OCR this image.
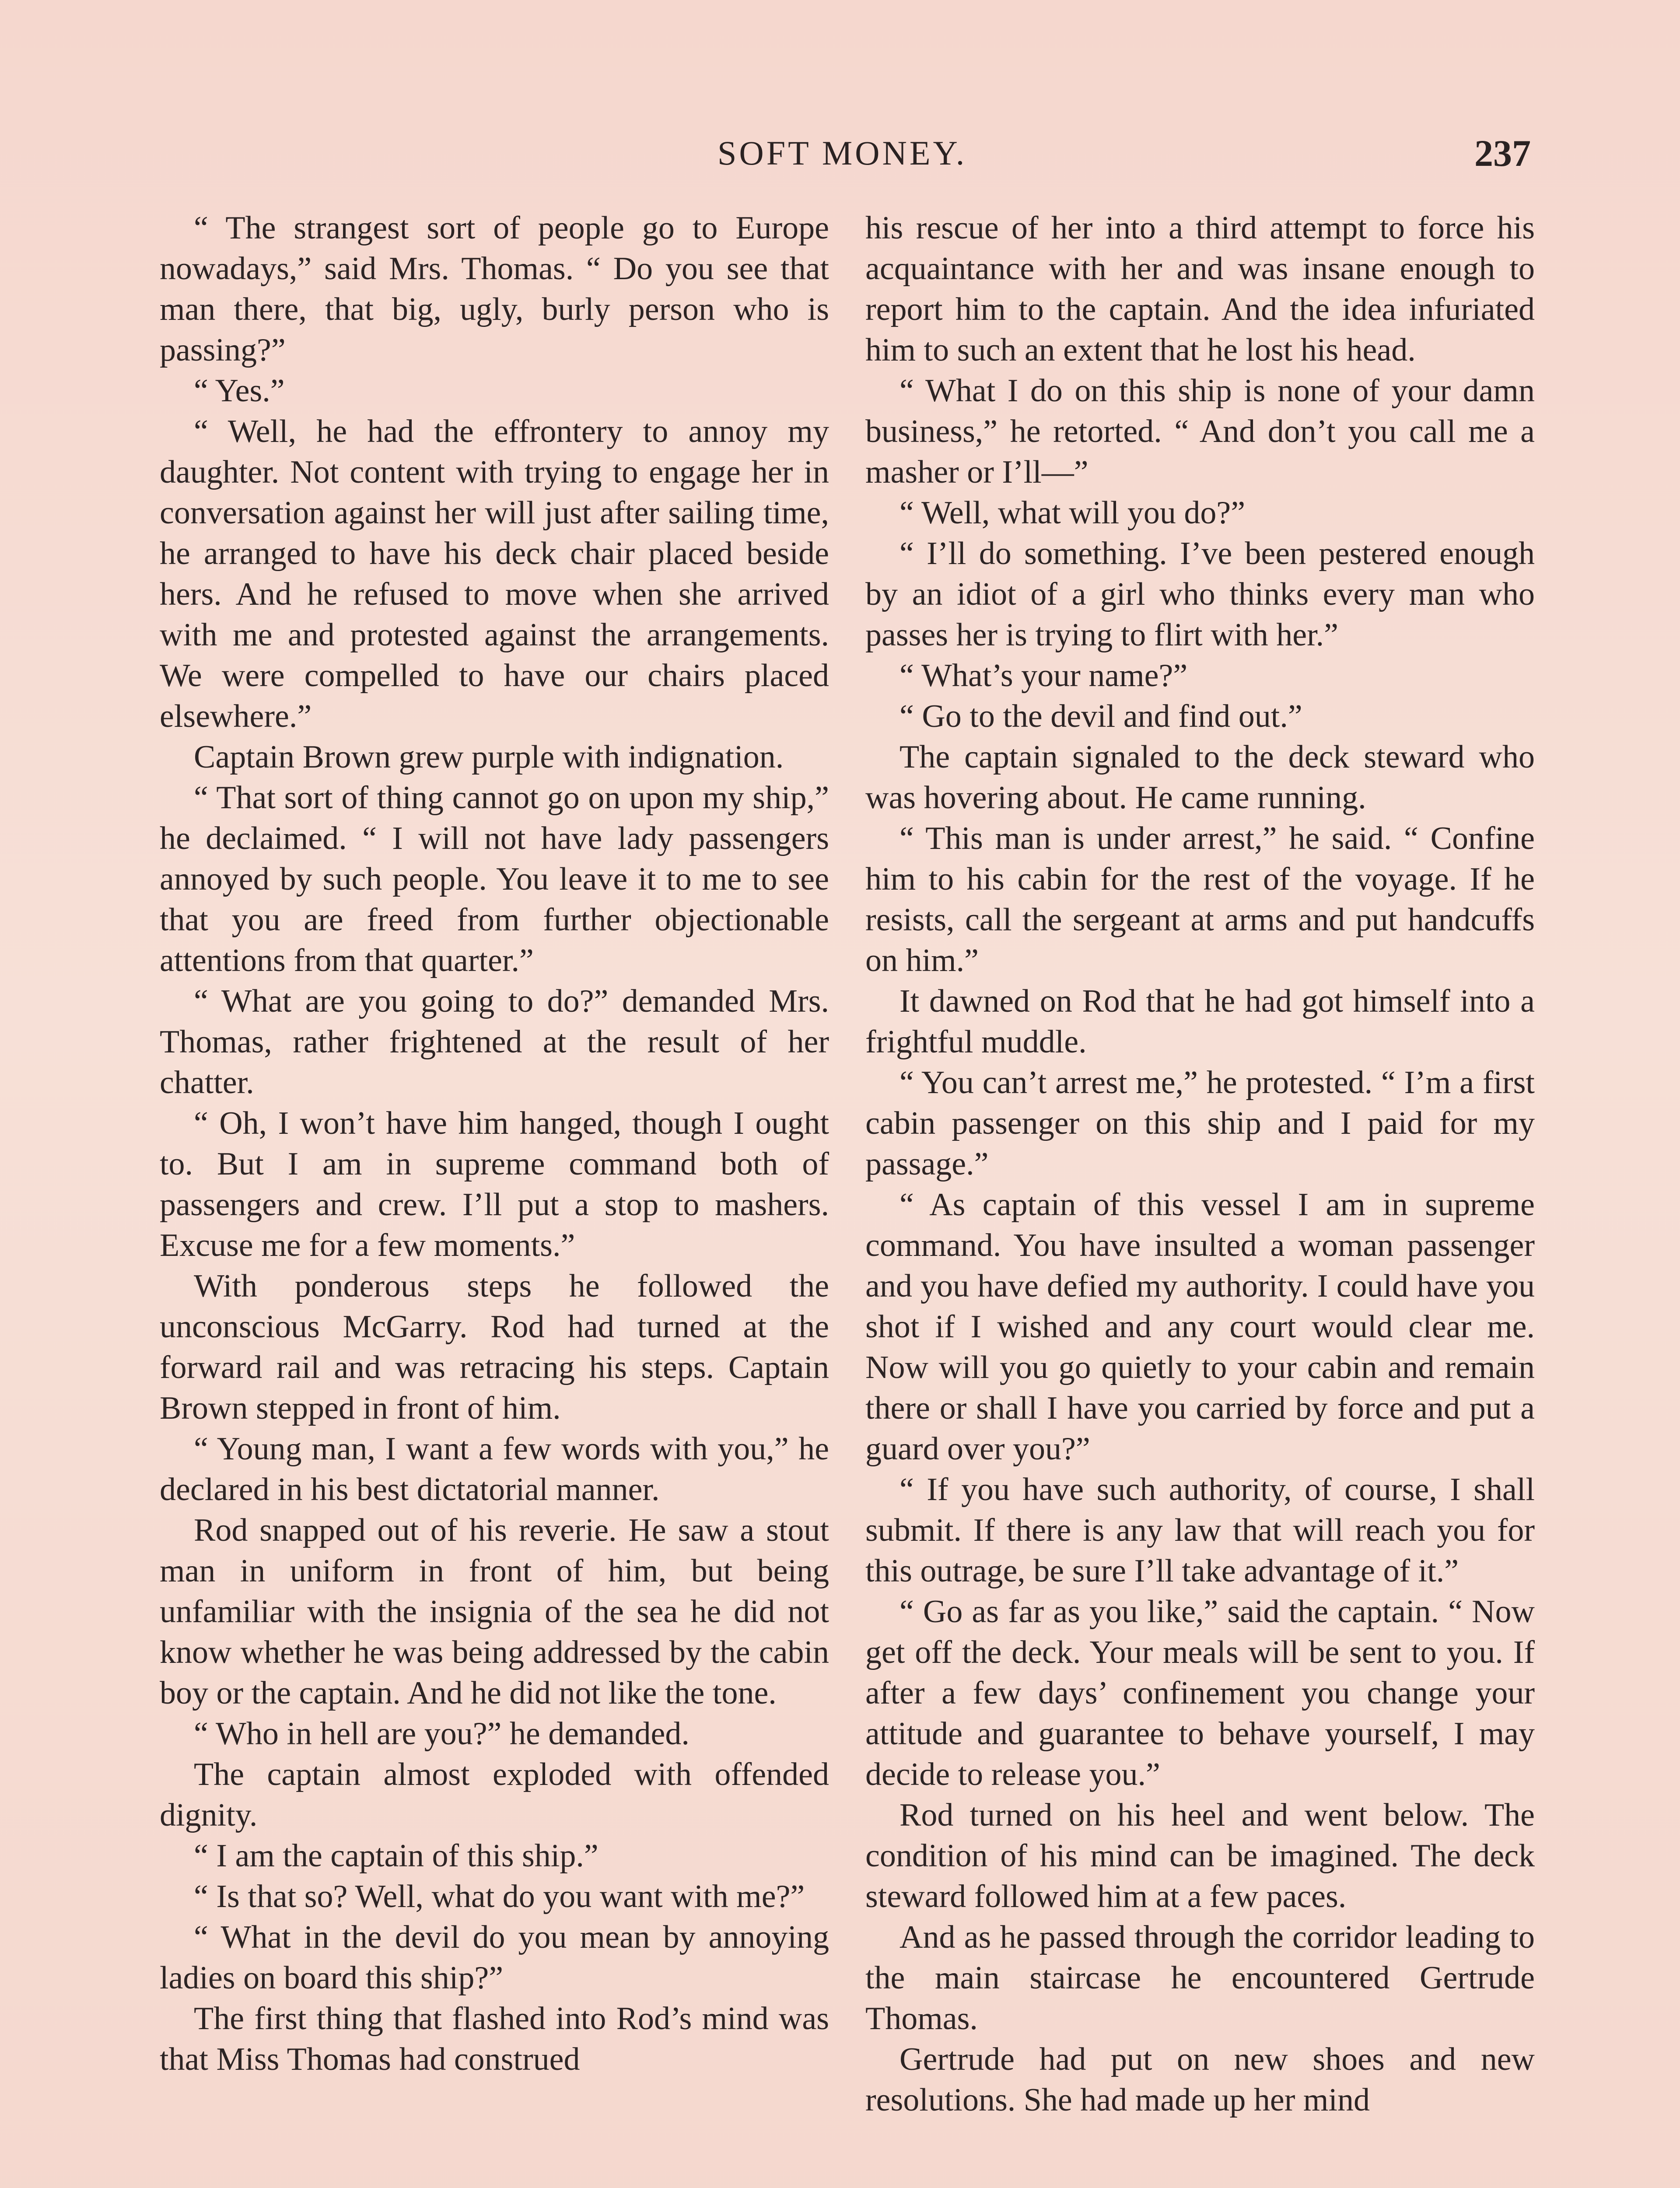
SOFT MONEY.	237

“ The strangest sort of people go to Europe nowadays,” said Mrs. Thomas. “ Do you see that man there, that big, ugly, burly person who is passing?”

“ Yes.”

“ Well, he had the effrontery to annoy my daughter. Not content with trying to engage her in conversation against her will just after sailing time, he arranged to have his deck chair placed beside hers. And he refused to move when she arrived with me and protested against the arrangements. We were compelled to have our chairs placed elsewhere.”

Captain Brown grew purple with indignation.

“ That sort of thing cannot go on upon my ship,” he declaimed. “ I will not have lady passengers annoyed by such people. You leave it to me to see that you are freed from further objectionable attentions from that quarter.”

“ What are you going to do?” demanded Mrs. Thomas, rather frightened at the result of her chatter.

“ Oh, I won’t have him hanged, though I ought to. But I am in supreme command both of passengers and crew. I’ll put a stop to mashers. Excuse me for a few moments.”

With ponderous steps he followed the unconscious McGarry. Rod had turned at the forward rail and was retracing his steps. Captain Brown stepped in front of him.

“ Young man, I want a few words with you,” he declared in his best dictatorial manner.

Rod snapped out of his reverie. He saw a stout man in uniform in front of him, but being unfamiliar with the insignia of the sea he did not know whether he was being addressed by the cabin boy or the captain. And he did not like the tone.

“ Who in hell are you?” he demanded.

The captain almost exploded with offended dignity.

“ I am the captain of this ship.”

“ Is that so? Well, what do you want with me?”

“ What in the devil do you mean by annoying ladies on board this ship?”

The first thing that flashed into Rod’s mind was that Miss Thomas had construed

his rescue of her into a third attempt to force his acquaintance with her and was insane enough to report him to the captain. And the idea infuriated him to such an extent that he lost his head.

“ What I do on this ship is none of your damn business,” he retorted. “ And don’t you call me a masher or I’ll—”

“ Well, what will you do?”

“ I’ll do something. I’ve been pestered enough by an idiot of a girl who thinks every man who passes her is trying to flirt with her.”

“ What’s your name?”

“ Go to the devil and find out.”

The captain signaled to the deck steward who was hovering about. He came running.

“ This man is under arrest,” he said. “ Confine him to his cabin for the rest of the voyage. If he resists, call the sergeant at arms and put handcuffs on him.”

It dawned on Rod that he had got himself into a frightful muddle.

“ You can’t arrest me,” he protested. “ I’m a first cabin passenger on this ship and I paid for my passage.”

“ As captain of this vessel I am in supreme command. You have insulted a woman passenger and you have defied my authority. I could have you shot if I wished and any court would clear me. Now will you go quietly to your cabin and remain there or shall I have you carried by force and put a guard over you?”

“ If you have such authority, of course, I shall submit. If there is any law that will reach you for this outrage, be sure I’ll take advantage of it.”

“ Go as far as you like,” said the captain. “ Now get off the deck. Your meals will be sent to you. If after a few days’ confinement you change your attitude and guarantee to behave yourself, I may decide to release you.”

Rod turned on his heel and went below. The condition of his mind can be imagined. The deck steward followed him at a few paces.

And as he passed through the corridor leading to the main staircase he encountered Gertrude Thomas.

Gertrude had put on new shoes and new resolutions. She had made up her mind
